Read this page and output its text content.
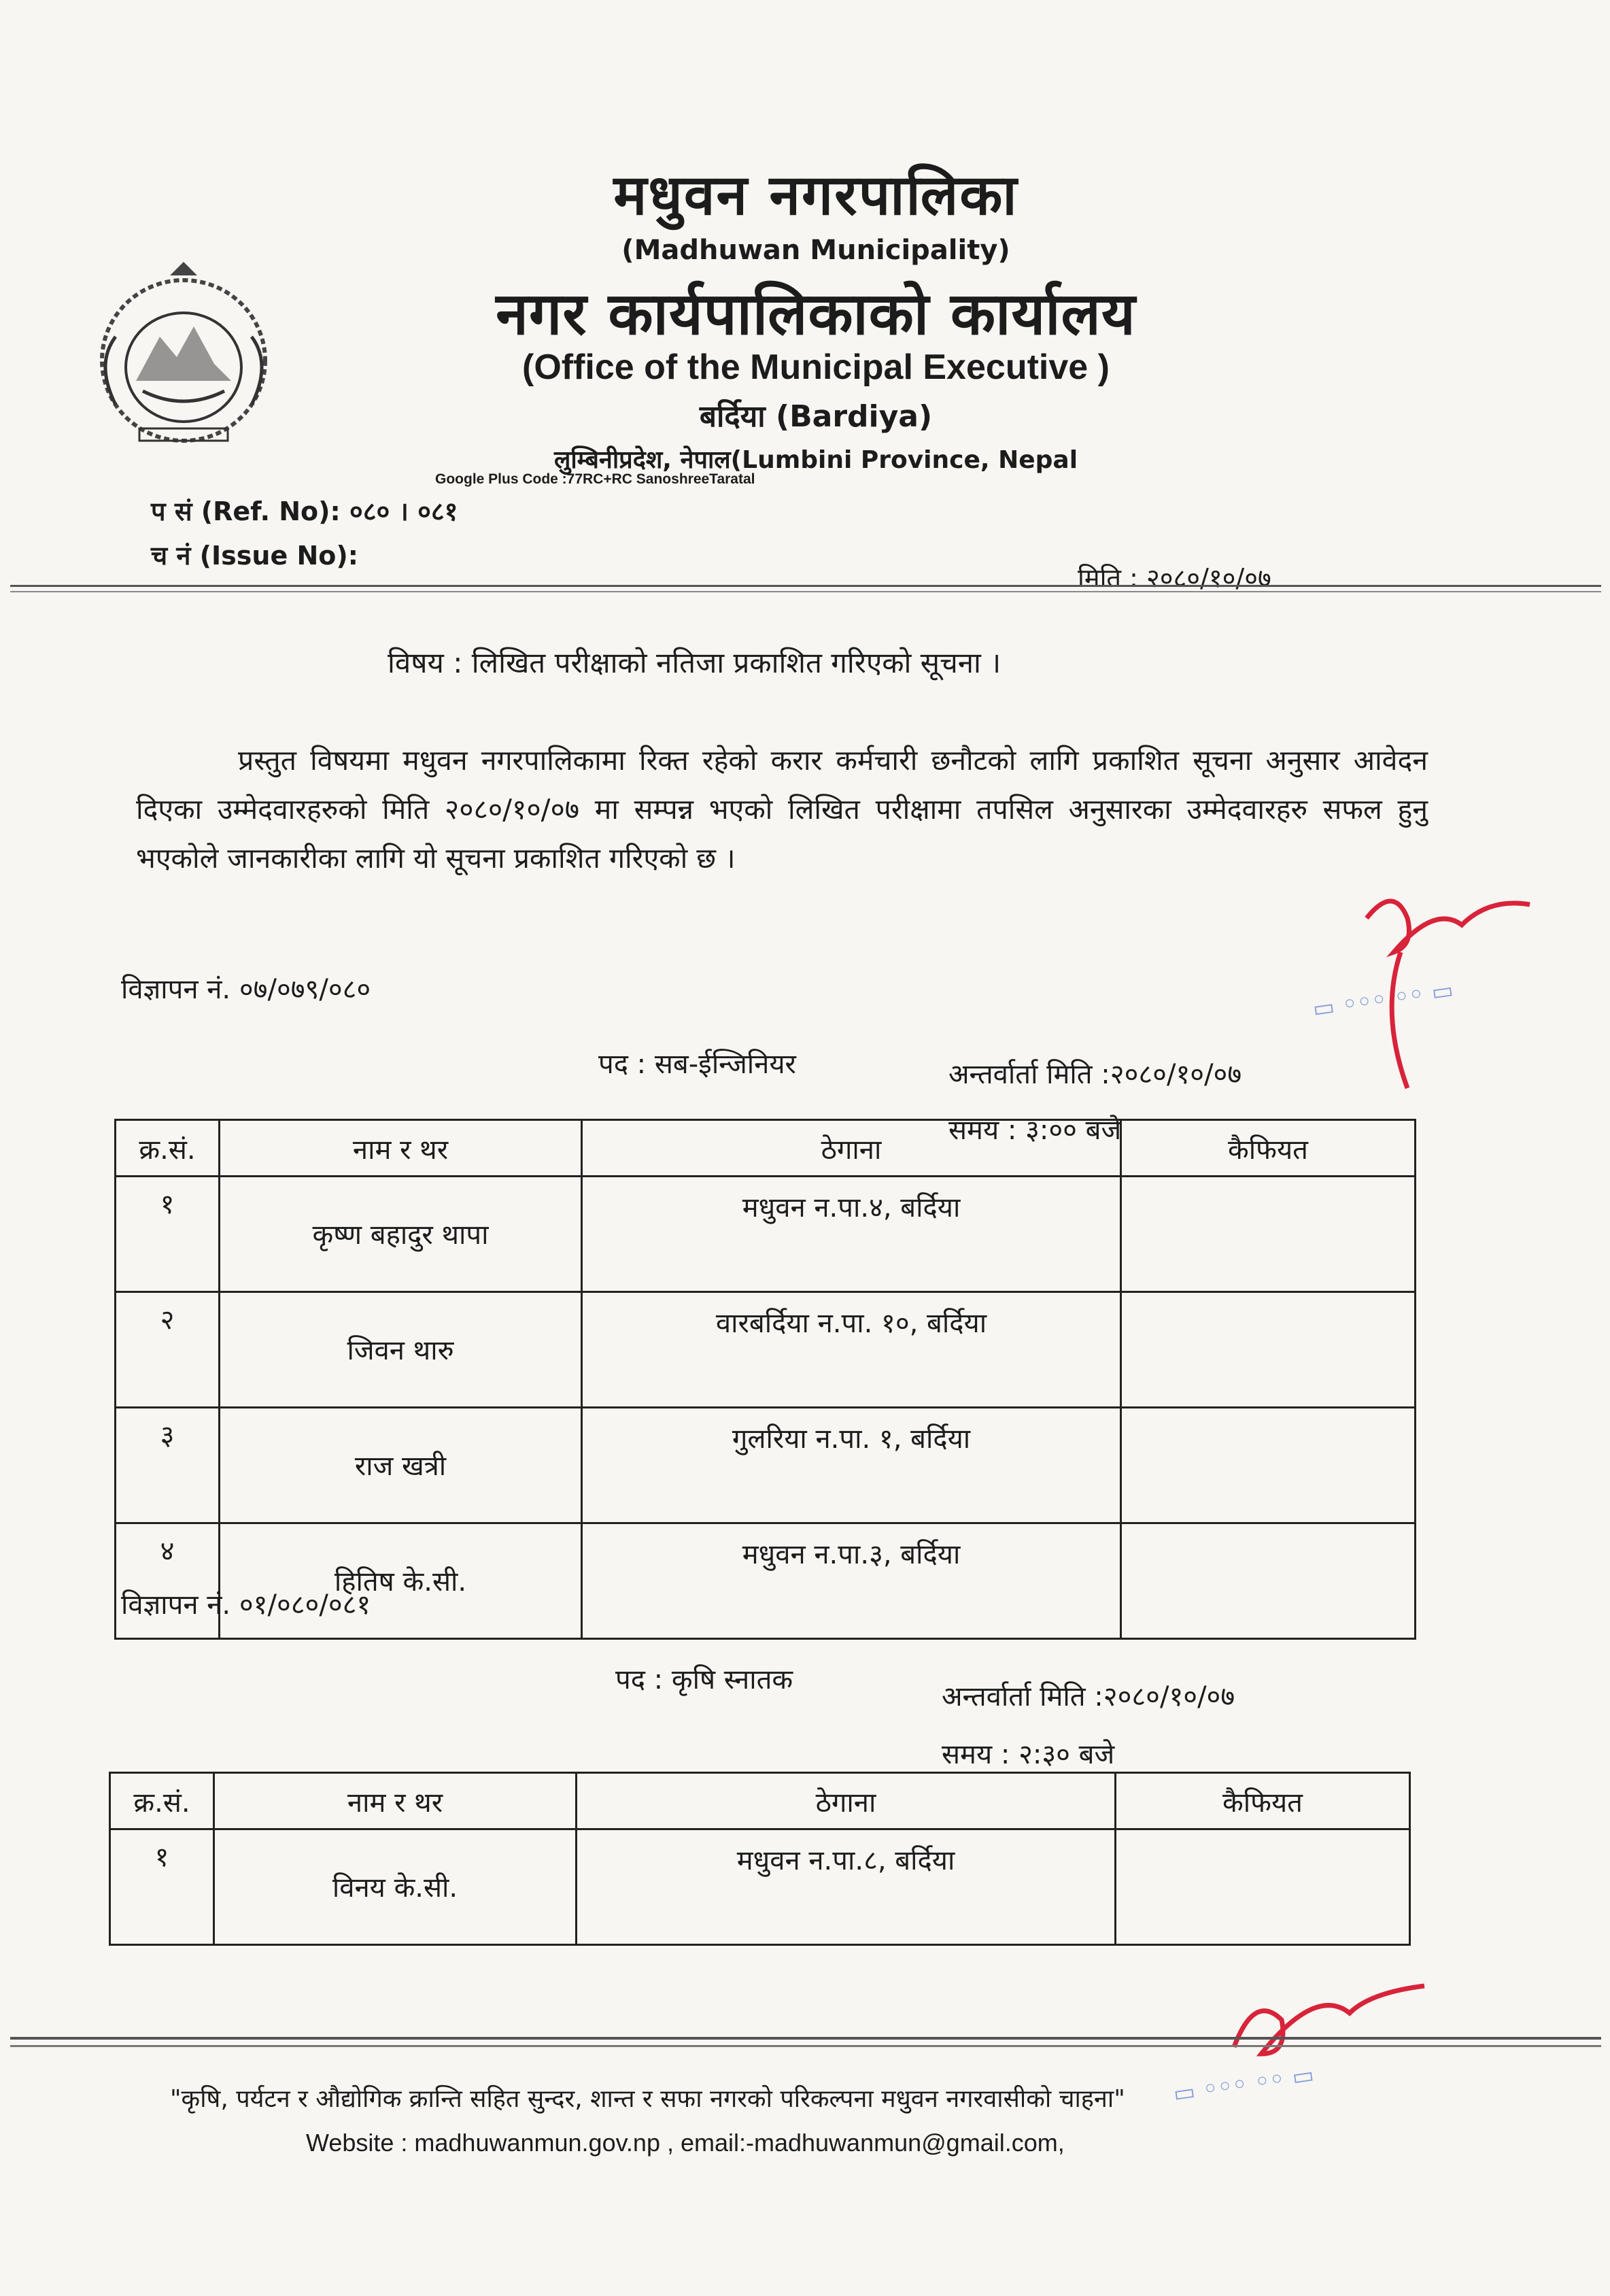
मधुवन नगरपालिका
(Madhuwan Municipality)
नगर कार्यपालिकाको कार्यालय
(Office of the Municipal Executive )
बर्दिया (Bardiya)
लुम्बिनीप्रदेश, नेपाल(Lumbini Province, Nepal
Google Plus Code :77RC+RC SanoshreeTaratal
प सं (Ref. No): ०८० । ०८१
च नं (Issue No):
मिति : २०८०/१०/०७
विषय : लिखित परीक्षाको नतिजा प्रकाशित गरिएको सूचना ।
प्रस्तुत विषयमा मधुवन नगरपालिकामा रिक्त रहेको करार कर्मचारी छनौटको लागि प्रकाशित सूचना अनुसार आवेदन दिएका उम्मेदवारहरुको मिति २०८०/१०/०७ मा सम्पन्न भएको लिखित परीक्षामा तपसिल अनुसारका उम्मेदवारहरु सफल हुनु भएकोले जानकारीका लागि यो सूचना प्रकाशित गरिएको छ ।
विज्ञापन नं. ०७/०७९/०८०
पद : सब-ईन्जिनियर	अन्तर्वार्ता मिति :२०८०/१०/०७
समय : ३:०० बजे
क्र.सं.	नाम र थर	ठेगाना	कैफियत
१	कृष्ण बहादुर थापा	मधुवन न.पा.४, बर्दिया	
२	जिवन थारु	वारबर्दिया न.पा. १०, बर्दिया	
३	राज खत्री	गुलरिया न.पा. १, बर्दिया	
४	हितिष के.सी.	मधुवन न.पा.३, बर्दिया	
विज्ञापन नं. ०१/०८०/०८१
पद : कृषि स्नातक
अन्तर्वार्ता मिति :२०८०/१०/०७
समय : २:३० बजे
क्र.सं.	नाम र थर	ठेगाना	कैफियत
१	विनय के.सी.	मधुवन न.पा.८, बर्दिया	
▭ ◦◦◦ ◦◦ ▭
▭ ◦◦◦ ◦◦ ▭
"कृषि, पर्यटन र औद्योगिक क्रान्ति सहित सुन्दर, शान्त र सफा नगरको परिकल्पना मधुवन नगरवासीको चाहना"
Website : madhuwanmun.gov.np , email:-madhuwanmun@gmail.com,
